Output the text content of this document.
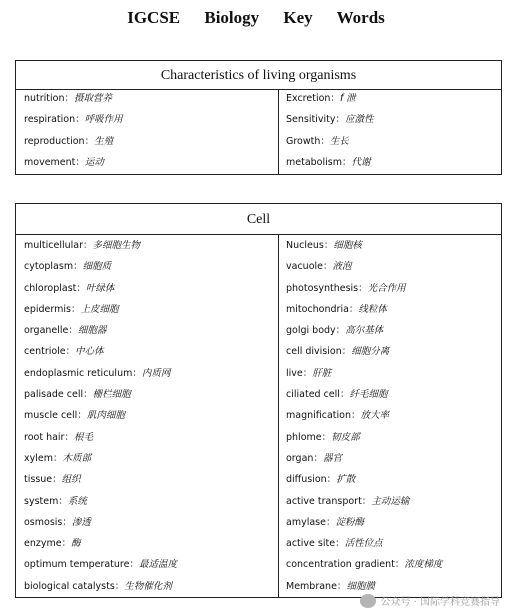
IGCSE Biology Key Words
Characteristics of living organisms
nutrition：摄取营养
respiration：呼吸作用
reproduction：生殖
movement：运动
Excretion：f 泄
Sensitivity：应激性
Growth：生长
metabolism：代谢
Cell
multicellular：多细胞生物
cytoplasm：细胞质
chloroplast：叶绿体
epidermis：上皮细胞
organelle：细胞器
centriole：中心体
endoplasmic reticulum：内质网
palisade cell：栅栏细胞
muscle cell：肌肉细胞
root hair：根毛
xylem：木质部
tissue：组织
system：系统
osmosis：渗透
enzyme：酶
optimum temperature：最适温度
biological catalysts：生物催化剂
Nucleus：细胞核
vacuole：液泡
photosynthesis：光合作用
mitochondria：线粒体
golgi body：高尔基体
cell division：细胞分离
live：肝脏
ciliated cell：纤毛细胞
magnification：放大率
phlome：韧皮部
organ：器官
diffusion：扩散
active transport：主动运输
amylase：淀粉酶
active site：活性位点
concentration gradient：浓度梯度
Membrane：细胞膜
公众号 · 国际学科竞赛指导
